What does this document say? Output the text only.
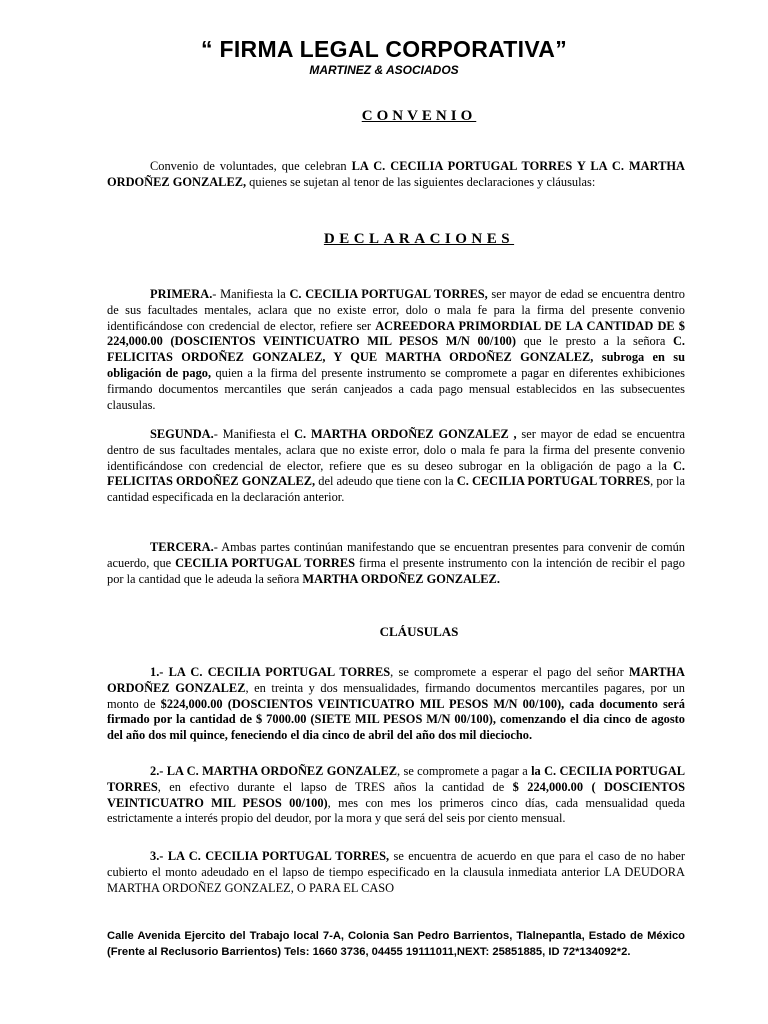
“ FIRMA LEGAL CORPORATIVA”
MARTINEZ & ASOCIADOS
CONVENIO
Convenio de voluntades, que celebran LA C. CECILIA PORTUGAL TORRES Y LA C. MARTHA ORDOÑEZ GONZALEZ, quienes se sujetan al tenor de las siguientes declaraciones y cláusulas:
DECLARACIONES
PRIMERA.- Manifiesta la C. CECILIA PORTUGAL TORRES, ser mayor de edad se encuentra dentro de sus facultades mentales, aclara que no existe error, dolo o mala fe para la firma del presente convenio identificándose con credencial de elector, refiere ser ACREEDORA PRIMORDIAL DE LA CANTIDAD DE $ 224,000.00 (DOSCIENTOS VEINTICUATRO MIL PESOS M/N 00/100) que le presto a la señora C. FELICITAS ORDOÑEZ GONZALEZ, Y QUE MARTHA ORDOÑEZ GONZALEZ, subroga en su obligación de pago, quien a la firma del presente instrumento se compromete a pagar en diferentes exhibiciones firmando documentos mercantiles que serán canjeados a cada pago mensual establecidos en las subsecuentes clausulas.
SEGUNDA.- Manifiesta el C. MARTHA ORDOÑEZ GONZALEZ , ser mayor de edad se encuentra dentro de sus facultades mentales, aclara que no existe error, dolo o mala fe para la firma del presente convenio identificándose con credencial de elector, refiere que es su deseo subrogar en la obligación de pago a la C. FELICITAS ORDOÑEZ GONZALEZ, del adeudo que tiene con la C. CECILIA PORTUGAL TORRES, por la cantidad especificada en la declaración anterior.
TERCERA.- Ambas partes continúan manifestando que se encuentran presentes para convenir de común acuerdo, que CECILIA PORTUGAL TORRES firma el presente instrumento con la intención de recibir el pago por la cantidad que le adeuda la señora MARTHA ORDOÑEZ GONZALEZ.
CLÁUSULAS
1.- LA C. CECILIA PORTUGAL TORRES, se compromete a esperar el pago del señor MARTHA ORDOÑEZ GONZALEZ, en treinta y dos mensualidades, firmando documentos mercantiles pagares, por un monto de $224,000.00 (DOSCIENTOS VEINTICUATRO MIL PESOS M/N 00/100), cada documento será firmado por la cantidad de $ 7000.00 (SIETE MIL PESOS M/N 00/100), comenzando el dia cinco de agosto del año dos mil quince, feneciendo el dia cinco de abril del año dos mil dieciocho.
2.- LA C. MARTHA ORDOÑEZ GONZALEZ, se compromete a pagar a la C. CECILIA PORTUGAL TORRES, en efectivo durante el lapso de TRES años la cantidad de $ 224,000.00 ( DOSCIENTOS VEINTICUATRO MIL PESOS 00/100), mes con mes los primeros cinco días, cada mensualidad queda estrictamente a interés propio del deudor, por la mora y que será del seis por ciento mensual.
3.- LA C. CECILIA PORTUGAL TORRES, se encuentra de acuerdo en que para el caso de no haber cubierto el monto adeudado en el lapso de tiempo especificado en la clausula inmediata anterior LA DEUDORA MARTHA ORDOÑEZ GONZALEZ, O PARA EL CASO
Calle Avenida Ejercito del Trabajo local 7-A, Colonia San Pedro Barrientos, Tlalnepantla, Estado de México (Frente al Reclusorio Barrientos) Tels: 1660 3736, 04455 19111011,NEXT: 25851885, ID 72*134092*2.
